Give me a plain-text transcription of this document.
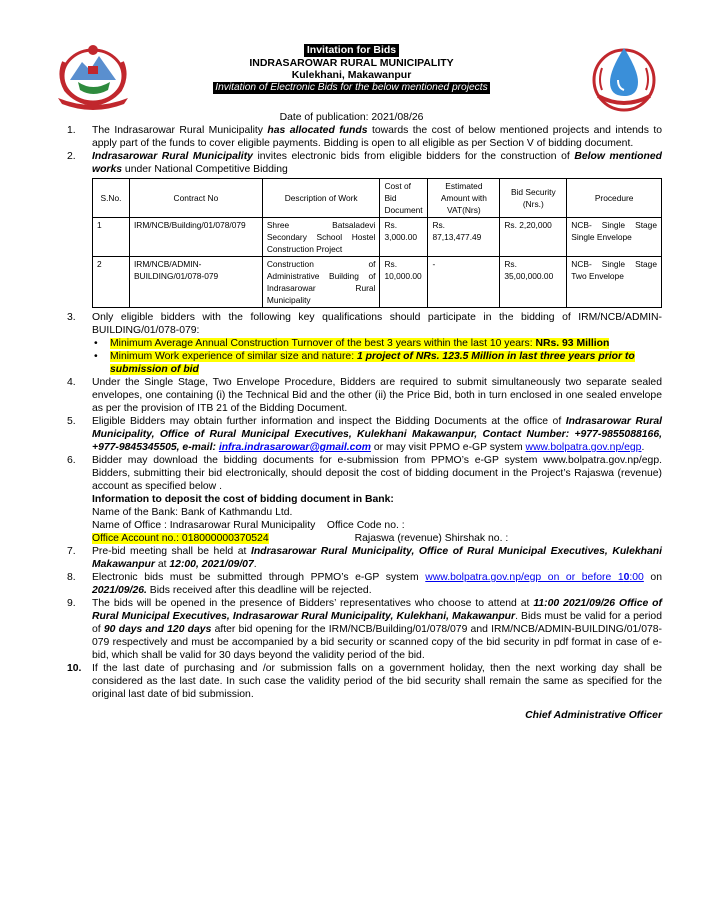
Invitation for Bids
INDRASAROWAR RURAL MUNICIPALITY
Kulekhani, Makawanpur
Invitation of Electronic Bids for the below mentioned projects
Date of publication: 2021/08/26
1. The Indrasarowar Rural Municipality has allocated funds towards the cost of below mentioned projects and intends to apply part of the funds to cover eligible payments. Bidding is open to all eligible as per Section V of bidding document.
2. Indrasarowar Rural Municipality invites electronic bids from eligible bidders for the construction of Below mentioned works under National Competitive Bidding
S.No.	Contract No	Description of Work	Cost of Bid Document	Estimated Amount with VAT(Nrs)	Bid Security (Nrs.)	Procedure
1	IRM/NCB/Building/01/078/079	Shree Batsaladevi Secondary School Hostel Construction Project	Rs. 3,000.00	Rs. 87,13,477.49	Rs. 2,20,000	NCB- Single Stage Single Envelope
2	IRM/NCB/ADMIN-BUILDING/01/078-079	Construction of Administrative Building of Indrasarowar Rural Municipality	Rs. 10,000.00	-	Rs. 35,00,000.00	NCB- Single Stage Two Envelope
3. Only eligible bidders with the following key qualifications should participate in the bidding of IRM/NCB/ADMIN-BUILDING/01/078-079:
• Minimum Average Annual Construction Turnover of the best 3 years within the last 10 years: NRs. 93 Million
• Minimum Work experience of similar size and nature: 1 project of NRs. 123.5 Million in last three years prior to submission of bid
4. Under the Single Stage, Two Envelope Procedure, Bidders are required to submit simultaneously two separate sealed envelopes, one containing (i) the Technical Bid and the other (ii) the Price Bid, both in turn enclosed in one sealed envelope as per the provision of ITB 21 of the Bidding Document.
5. Eligible Bidders may obtain further information and inspect the Bidding Documents at the office of Indrasarowar Rural Municipality, Office of Rural Municipal Executives, Kulekhani Makawanpur, Contact Number: +977-9855088166, +977-9845345505, e-mail: infra.indrasarowar@gmail.com or may visit PPMO e-GP system www.bolpatra.gov.np/egp.
6. Bidder may download the bidding documents for e-submission from PPMO’s e-GP system www.bolpatra.gov.np/egp. Bidders, submitting their bid electronically, should deposit the cost of bidding document in the Project’s Rajaswa (revenue) account as specified below .
Information to deposit the cost of bidding document in Bank:
Name of the Bank: Bank of Kathmandu Ltd.
Name of Office : Indrasarowar Rural Municipality Office Code no. :
Office Account no.: 018000000370524	Rajaswa (revenue) Shirshak no. :
7. Pre-bid meeting shall be held at Indrasarowar Rural Municipality, Office of Rural Municipal Executives, Kulekhani Makawanpur at 12:00, 2021/09/07.
8. Electronic bids must be submitted through PPMO’s e-GP system www.bolpatra.gov.np/egp on or before 10:00 on 2021/09/26. Bids received after this deadline will be rejected.
9. The bids will be opened in the presence of Bidders’ representatives who choose to attend at 11:00 2021/09/26 Office of Rural Municipal Executives, Indrasarowar Rural Municipality, Kulekhani, Makawanpur. Bids must be valid for a period of 90 days and 120 days after bid opening for the IRM/NCB/Building/01/078/079 and IRM/NCB/ADMIN-BUILDING/01/078-079 respectively and must be accompanied by a bid security or scanned copy of the bid security in pdf format in case of e-bid, which shall be valid for 30 days beyond the validity period of the bid.
10. If the last date of purchasing and /or submission falls on a government holiday, then the next working day shall be considered as the last date. In such case the validity period of the bid security shall remain the same as specified for the original last date of bid submission.
Chief Administrative Officer
